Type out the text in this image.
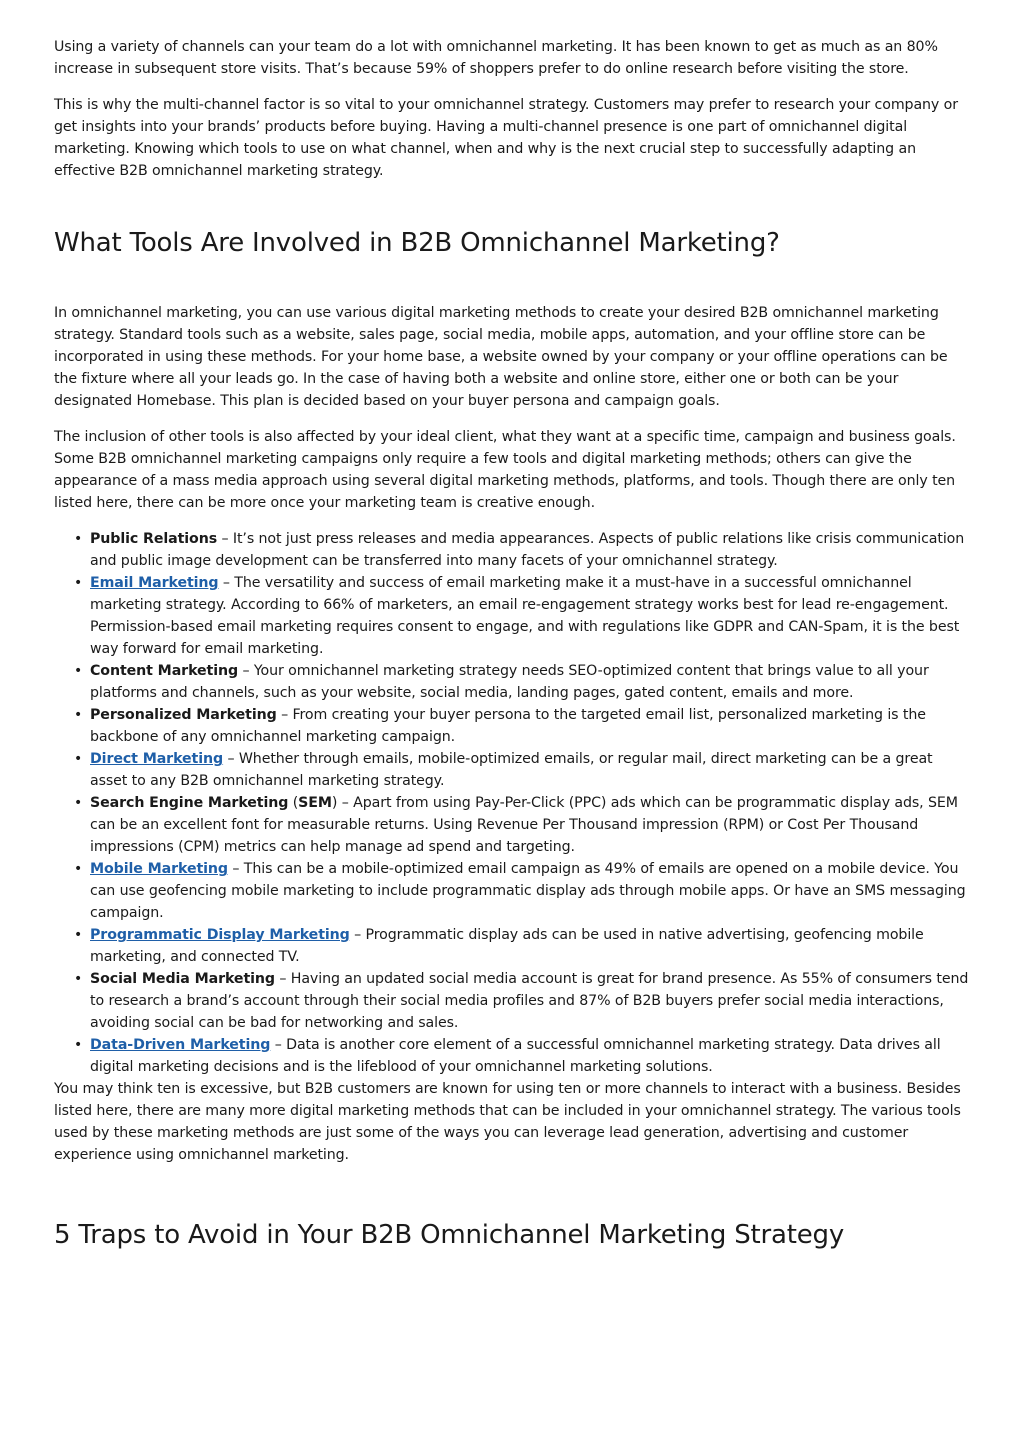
Using a variety of channels can your team do a lot with omnichannel marketing. It has been known to get as much as an 80% increase in subsequent store visits. That’s because 59% of shoppers prefer to do online research before visiting the store.

This is why the multi-channel factor is so vital to your omnichannel strategy. Customers may prefer to research your company or get insights into your brands’ products before buying. Having a multi-channel presence is one part of omnichannel digital marketing. Knowing which tools to use on what channel, when and why is the next crucial step to successfully adapting an effective B2B omnichannel marketing strategy.

What Tools Are Involved in B2B Omnichannel Marketing?

In omnichannel marketing, you can use various digital marketing methods to create your desired B2B omnichannel marketing strategy. Standard tools such as a website, sales page, social media, mobile apps, automation, and your offline store can be incorporated in using these methods. For your home base, a website owned by your company or your offline operations can be the fixture where all your leads go. In the case of having both a website and online store, either one or both can be your designated Homebase. This plan is decided based on your buyer persona and campaign goals.

The inclusion of other tools is also affected by your ideal client, what they want at a specific time, campaign and business goals. Some B2B omnichannel marketing campaigns only require a few tools and digital marketing methods; others can give the appearance of a mass media approach using several digital marketing methods, platforms, and tools. Though there are only ten listed here, there can be more once your marketing team is creative enough.

• Public Relations – It’s not just press releases and media appearances. Aspects of public relations like crisis communication and public image development can be transferred into many facets of your omnichannel strategy.
• Email Marketing – The versatility and success of email marketing make it a must-have in a successful omnichannel marketing strategy. According to 66% of marketers, an email re-engagement strategy works best for lead re-engagement. Permission-based email marketing requires consent to engage, and with regulations like GDPR and CAN-Spam, it is the best way forward for email marketing.
• Content Marketing – Your omnichannel marketing strategy needs SEO-optimized content that brings value to all your platforms and channels, such as your website, social media, landing pages, gated content, emails and more.
• Personalized Marketing – From creating your buyer persona to the targeted email list, personalized marketing is the backbone of any omnichannel marketing campaign.
• Direct Marketing – Whether through emails, mobile-optimized emails, or regular mail, direct marketing can be a great asset to any B2B omnichannel marketing strategy.
• Search Engine Marketing (SEM) – Apart from using Pay-Per-Click (PPC) ads which can be programmatic display ads, SEM can be an excellent font for measurable returns. Using Revenue Per Thousand impression (RPM) or Cost Per Thousand impressions (CPM) metrics can help manage ad spend and targeting.
• Mobile Marketing – This can be a mobile-optimized email campaign as 49% of emails are opened on a mobile device. You can use geofencing mobile marketing to include programmatic display ads through mobile apps. Or have an SMS messaging campaign.
• Programmatic Display Marketing – Programmatic display ads can be used in native advertising, geofencing mobile marketing, and connected TV.
• Social Media Marketing – Having an updated social media account is great for brand presence. As 55% of consumers tend to research a brand’s account through their social media profiles and 87% of B2B buyers prefer social media interactions, avoiding social can be bad for networking and sales.
• Data-Driven Marketing – Data is another core element of a successful omnichannel marketing strategy. Data drives all digital marketing decisions and is the lifeblood of your omnichannel marketing solutions.

You may think ten is excessive, but B2B customers are known for using ten or more channels to interact with a business. Besides listed here, there are many more digital marketing methods that can be included in your omnichannel strategy. The various tools used by these marketing methods are just some of the ways you can leverage lead generation, advertising and customer experience using omnichannel marketing.

5 Traps to Avoid in Your B2B Omnichannel Marketing Strategy
